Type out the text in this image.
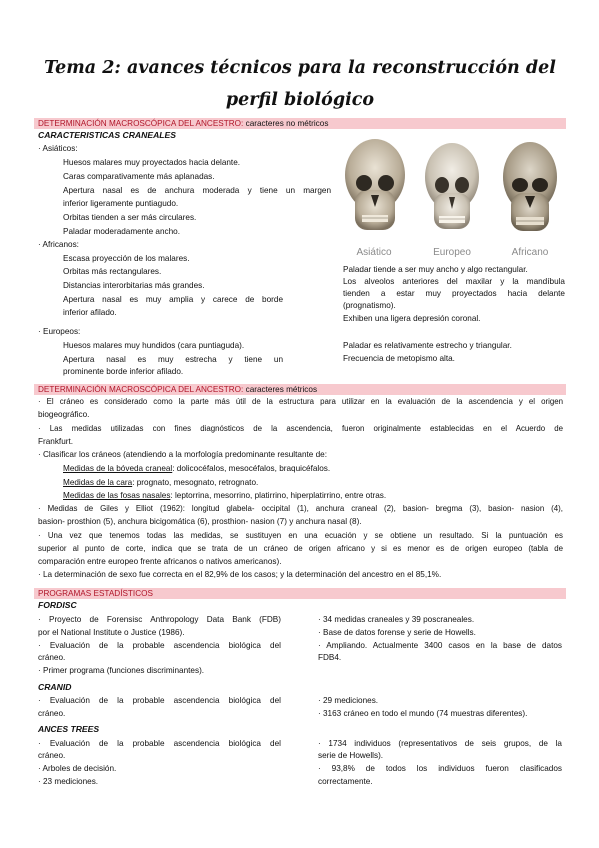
Tema 2: avances técnicos para la reconstrucción del
perfil biológico
DETERMINACIÓN MACROSCÓPICA DEL ANCESTRO: caracteres no métricos
CARACTERISTICAS CRANEALES
· Asiáticos:
Huesos malares muy proyectados hacia delante.
Caras comparativamente más aplanadas.
Apertura nasal es de anchura moderada y tiene un margen
inferior ligeramente puntiagudo.
Orbitas tienden a ser más circulares.
Paladar moderadamente ancho.
· Africanos:
Escasa proyección de los malares.
Orbitas más rectangulares.
Distancias interorbitarias más grandes.
Apertura nasal es muy amplia y carece de borde
inferior afilado.
· Europeos:
Huesos malares muy hundidos (cara puntiaguda).
Apertura nasal es muy estrecha y tiene un
prominente borde inferior afilado.
Asiático	Europeo	Africano
Paladar tiende a ser muy ancho y algo rectangular.
Los alveolos anteriores del maxilar y la mandíbula
tienden a estar muy proyectados hacia delante
(prognatismo).
Exhiben una ligera depresión coronal.
Paladar es relativamente estrecho y triangular.
Frecuencia de metopismo alta.
DETERMINACIÓN MACROSCÓPICA DEL ANCESTRO: caracteres métricos
· El cráneo es considerado como la parte más útil de la estructura para utilizar en la evaluación de la ascendencia y el origen
biogeográfico.
· Las medidas utilizadas con fines diagnósticos de la ascendencia, fueron originalmente establecidas en el Acuerdo de
Frankfurt.
· Clasificar los cráneos (atendiendo a la morfología predominante resultante de:
Medidas de la bóveda craneal: dolicocéfalos, mesocéfalos, braquicéfalos.
Medidas de la cara: prognato, mesognato, retrognato.
Medidas de las fosas nasales: leptorrina, mesorrino, platirrino, hiperplatirrino, entre otras.
· Medidas de Giles y Elliot (1962): longitud glabela- occipital (1), anchura craneal (2), basion- bregma (3), basion- nasion (4),
basion- prosthion (5), anchura bicigomática (6), prosthion- nasion (7) y anchura nasal (8).
· Una vez que tenemos todas las medidas, se sustituyen en una ecuación y se obtiene un resultado. Si la puntuación es
superior al punto de corte, indica que se trata de un cráneo de origen africano y si es menor es de origen europeo (tabla de
comparación entre europeo frente africanos o nativos americanos).
· La determinación de sexo fue correcta en el 82,9% de los casos; y la determinación del ancestro en el 85,1%.
PROGRAMAS ESTADÍSTICOS
FORDISC
· Proyecto de Forensisc Anthropology Data Bank (FDB)
por el National Institute o Justice (1986).
· Evaluación de la probable ascendencia biológica del
cráneo.
· Primer programa (funciones discriminantes).
· 34 medidas craneales y 39 poscraneales.
· Base de datos forense y serie de Howells.
· Ampliando. Actualmente 3400 casos en la base de datos
FDB4.
CRANID
· Evaluación de la probable ascendencia biológica del
cráneo.
· 29 mediciones.
· 3163 cráneo en todo el mundo (74 muestras diferentes).
ANCES TREES
· Evaluación de la probable ascendencia biológica del
cráneo.
· Arboles de decisión.
· 23 mediciones.
· 1734 individuos (representativos de seis grupos, de la
serie de Howells).
· 93,8% de todos los individuos fueron clasificados
correctamente.
